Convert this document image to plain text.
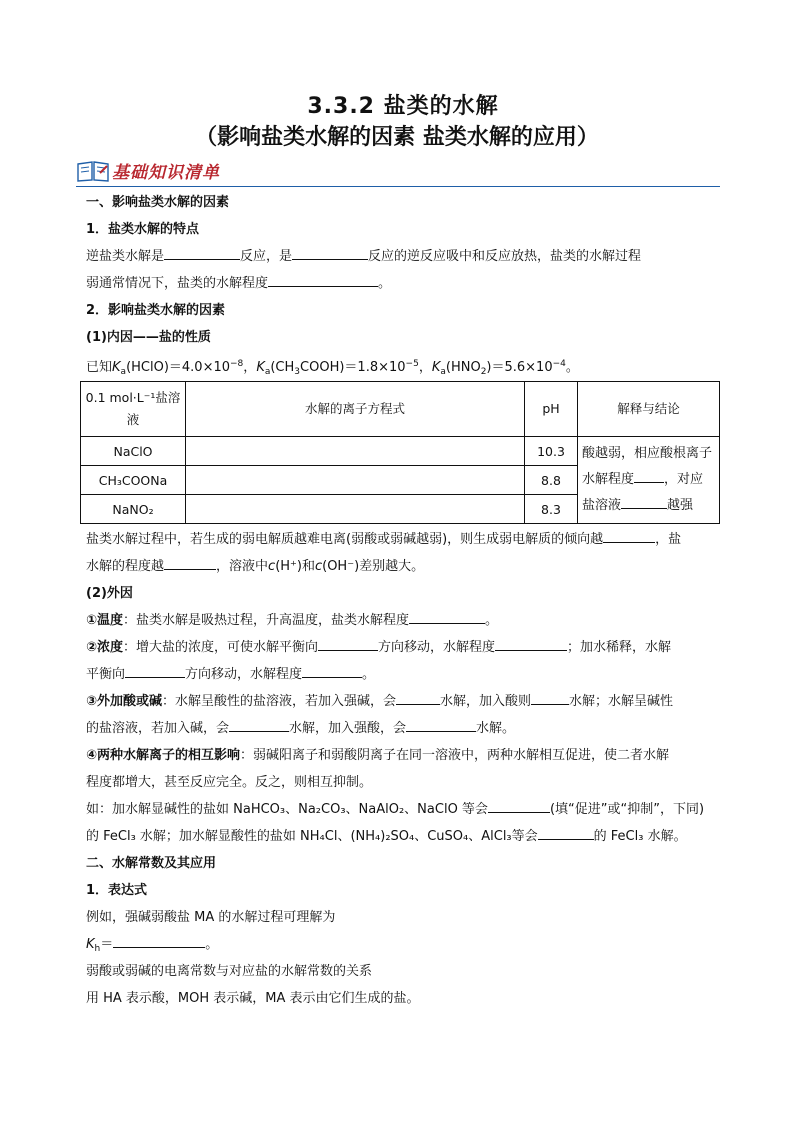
3.3.2 盐类的水解
（影响盐类水解的因素 盐类水解的应用）
基础知识清单
一、影响盐类水解的因素
1．盐类水解的特点
逆盐类水解是	反应，是	反应的逆反应吸中和反应放热，盐类的水解过程
弱通常情况下，盐类的水解程度	。
2．影响盐类水解的因素
(1)内因——盐的性质
已知$K_a(HClO)=4.0\times 10^{-8}$，$K_a(CH_3COOH)=1.8\times 10^{-5}$，$K_a(HNO_2)=5.6\times 10^{-4}$。
0.1 mol·L⁻¹盐溶液	水解的离子方程式	pH	解释与结论
NaClO		10.3	酸越弱，相应酸根离子
水解程度 ，对应
盐溶液 越强
CH₃COONa		8.8	
NaNO₂		8.3	
盐类水解过程中，若生成的弱电解质越难电离(弱酸或弱碱越弱)，则生成弱电解质的倾向越	，盐
水解的程度越	，溶液中c(H⁺)和c(OH⁻)差别越大。
(2)外因
①温度：盐类水解是吸热过程，升高温度，盐类水解程度	。
②浓度：增大盐的浓度，可使水解平衡向	方向移动，水解程度	；加水稀释，水解
平衡向	方向移动，水解程度	。
③外加酸或碱：水解呈酸性的盐溶液，若加入强碱，会	水解，加入酸则	水解；水解呈碱性
的盐溶液，若加入碱，会	水解，加入强酸，会	水解。
④两种水解离子的相互影响：弱碱阳离子和弱酸阴离子在同一溶液中，两种水解相互促进，使二者水解
程度都增大，甚至反应完全。反之，则相互抑制。
如：加水解显碱性的盐如 NaHCO₃、Na₂CO₃、NaAlO₂、NaClO 等会	(填“促进”或“抑制”，下同)
的 FeCl₃ 水解；加水解显酸性的盐如 NH₄Cl、(NH₄)₂SO₄、CuSO₄、AlCl₃等会	的 FeCl₃ 水解。
二、水解常数及其应用
1．表达式
例如，强碱弱酸盐 MA 的水解过程可理解为
$K_h=$	。
弱酸或弱碱的电离常数与对应盐的水解常数的关系
用 HA 表示酸，MOH 表示碱，MA 表示由它们生成的盐。
